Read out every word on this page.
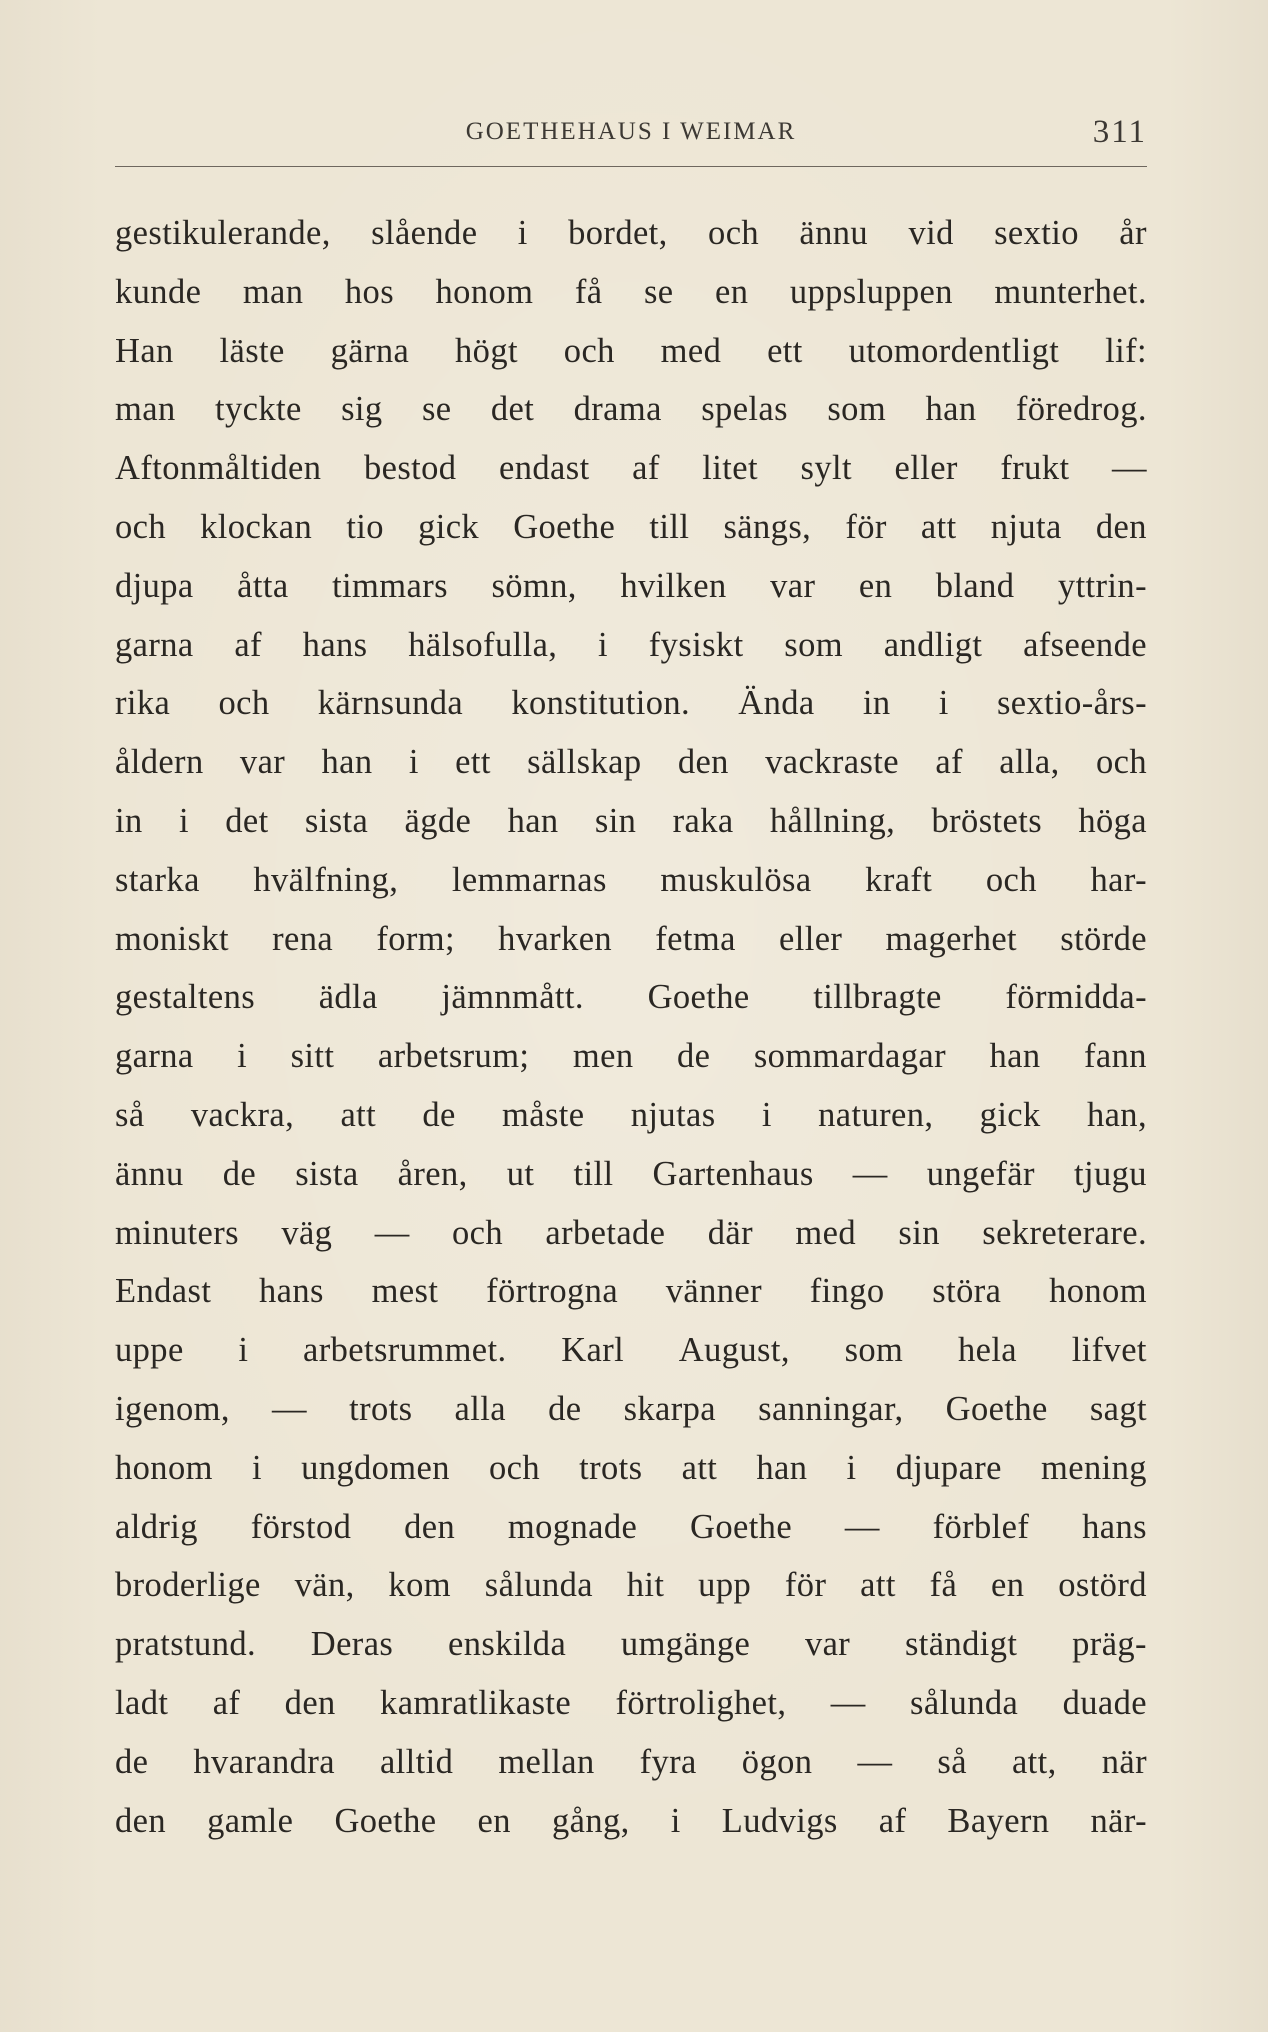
GOETHEHAUS I WEIMAR	311
gestikulerande, slående i bordet, och ännu vid sextio år
kunde man hos honom få se en uppsluppen munterhet.
Han läste gärna högt och med ett utomordentligt lif:
man tyckte sig se det drama spelas som han föredrog.
Aftonmåltiden bestod endast af litet sylt eller frukt —
och klockan tio gick Goethe till sängs, för att njuta den
djupa åtta timmars sömn, hvilken var en bland yttrin-
garna af hans hälsofulla, i fysiskt som andligt afseende
rika och kärnsunda konstitution. Ända in i sextio-års-
åldern var han i ett sällskap den vackraste af alla, och
in i det sista ägde han sin raka hållning, bröstets höga
starka hvälfning, lemmarnas muskulösa kraft och har-
moniskt rena form; hvarken fetma eller magerhet störde
gestaltens ädla jämnmått. Goethe tillbragte förmidda-
garna i sitt arbetsrum; men de sommardagar han fann
så vackra, att de måste njutas i naturen, gick han,
ännu de sista åren, ut till Gartenhaus — ungefär tjugu
minuters väg — och arbetade där med sin sekreterare.
Endast hans mest förtrogna vänner fingo störa honom
uppe i arbetsrummet. Karl August, som hela lifvet
igenom, — trots alla de skarpa sanningar, Goethe sagt
honom i ungdomen och trots att han i djupare mening
aldrig förstod den mognade Goethe — förblef hans
broderlige vän, kom sålunda hit upp för att få en ostörd
pratstund. Deras enskilda umgänge var ständigt präg-
ladt af den kamratlikaste förtrolighet, — sålunda duade
de hvarandra alltid mellan fyra ögon — så att, när
den gamle Goethe en gång, i Ludvigs af Bayern när-
